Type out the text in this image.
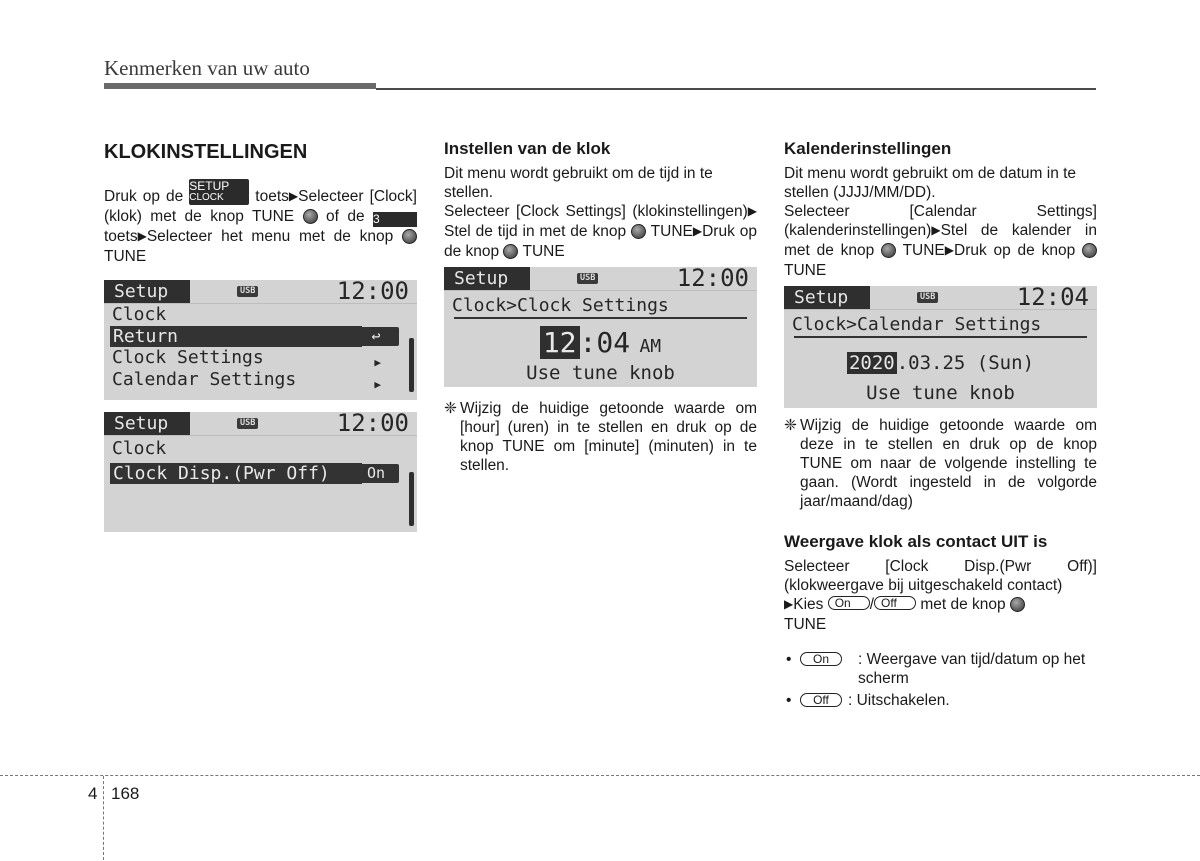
Kenmerken van uw auto
KLOKINSTELLINGEN

Druk op de
SETUP
CLOCK	toets▶Selecteer [Clock] (klok) met de knop TUNE of de 3 toets▶Selecteer het menu met de knop  TUNE

Setup	USB	12:00
Clock
Return	↩
Clock Settings	▶
Calendar Settings	▶
Setup	USB	12:00
Clock
Clock Disp.(Pwr Off)	On
Instellen van de klok

Dit menu wordt gebruikt om de tijd in te stellen.

Selecteer [Clock Settings] (klokinstellingen)▶Stel de tijd in met de knop TUNE▶Druk op de knop TUNE

Setup	USB	12:00
Clock>Clock Settings
12 :04 AM
Use tune knob
❈ Wijzig de huidige getoonde waarde om [hour] (uren) in te stellen en druk op de knop TUNE om [minute] (minuten) in te stellen.

Kalenderinstellingen

Dit menu wordt gebruikt om de datum in te stellen (JJJJ/MM/DD).

Selecteer [Calendar Settings] (kalenderinstellingen)▶Stel de kalender in met de knop TUNE▶Druk op de knop  TUNE

Setup	USB	12:04
Clock>Calendar Settings
2020 .03.25 (Sun)
Use tune knob
❈ Wijzig de huidige getoonde waarde om deze in te stellen en druk op de knop TUNE om naar de volgende instelling te gaan. (Wordt ingesteld in de volgorde jaar/maand/dag)

Weergave klok als contact UIT is

Selecteer [Clock Disp.(Pwr Off)] (klokweergave bij uitgeschakeld contact)
▶Kies On / Off met de knop
TUNE

•	On	: Weergave van tijd/datum op het scherm
•	Off	: Uitschakelen.
4 168
